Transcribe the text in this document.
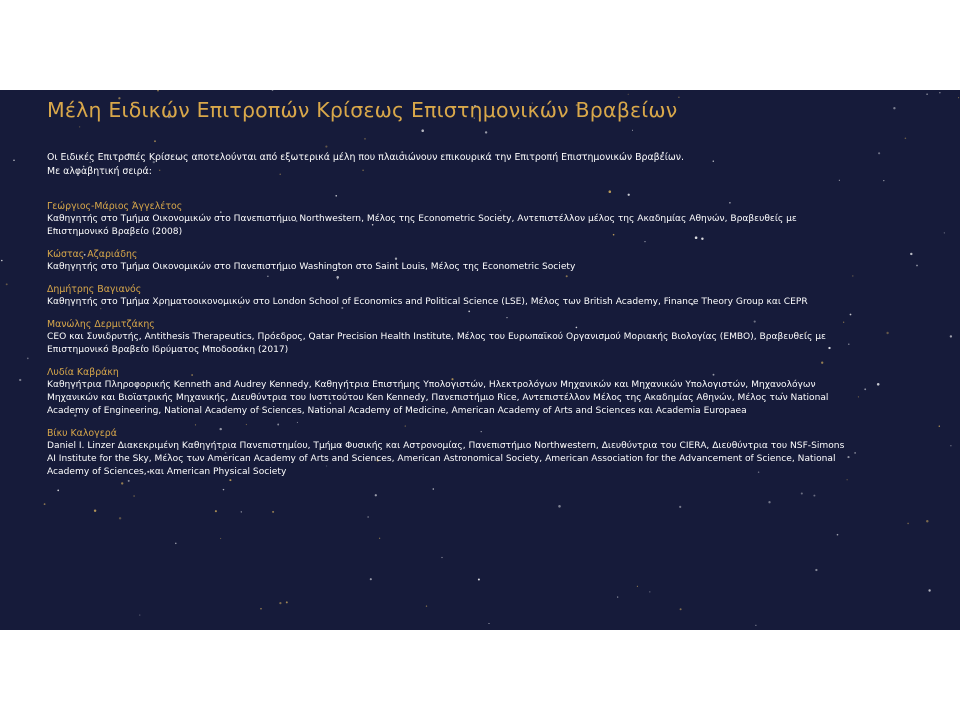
Μέλη Ειδικών Επιτροπών Κρίσεως Επιστημονικών Βραβείων
Οι Ειδικές Επιτροπές Κρίσεως αποτελούνται από εξωτερικά μέλη που πλαισιώνουν επικουρικά την Επιτροπή Επιστημονικών Βραβείων.
Με αλφαβητική σειρά:
Γεώργιος-Μάριος Άγγελέτος
Καθηγητής στο Τμήμα Οικονομικών στο Πανεπιστήμιο Northwestern, Μέλος της Econometric Society, Αντεπιστέλλον μέλος της Ακαδημίας Αθηνών, Βραβευθείς με Επιστημονικό Βραβείο (2008)
Κώστας Αζαριάδης
Καθηγητής στο Τμήμα Οικονομικών στο Πανεπιστήμιο Washington στο Saint Louis, Μέλος της Econometric Society
Δημήτρης Βαγιανός
Καθηγητής στο Τμήμα Χρηματοοικονομικών στο London School of Economics and Political Science (LSE), Μέλος των British Academy, Finance Theory Group και CEPR
Μανώλης Δερμιτζάκης
CEO και Συνιδρυτής, Antithesis Therapeutics, Πρόεδρος, Qatar Precision Health Institute, Μέλος του Ευρωπαϊκού Οργανισμού Μοριακής Βιολογίας (EMBO), Βραβευθείς με Επιστημονικό Βραβείο Ιδρύματος Μποδοσάκη (2017)
Λυδία Καβράκη
Καθηγήτρια Πληροφορικής Kenneth and Audrey Kennedy, Καθηγήτρια Επιστήμης Υπολογιστών, Ηλεκτρολόγων Μηχανικών και Μηχανικών Υπολογιστών, Μηχανολόγων Μηχανικών και Βιοϊατρικής Μηχανικής, Διευθύντρια του Ινστιτούτου Ken Kennedy, Πανεπιστήμιο Rice, Αντεπιστέλλον Μέλος της Ακαδημίας Αθηνών, Μέλος των National Academy of Engineering, National Academy of Sciences, National Academy of Medicine, American Academy of Arts and Sciences και Academia Europaea
Βίκυ Καλογερά
Daniel I. Linzer Διακεκριμένη Καθηγήτρια Πανεπιστημίου, Τμήμα Φυσικής και Αστρονομίας, Πανεπιστήμιο Northwestern, Διευθύντρια του CIERA, Διευθύντρια του NSF-Simons AI Institute for the Sky, Μέλος των American Academy of Arts and Sciences, American Astronomical Society, American Association for the Advancement of Science, National Academy of Sciences, και American Physical Society
